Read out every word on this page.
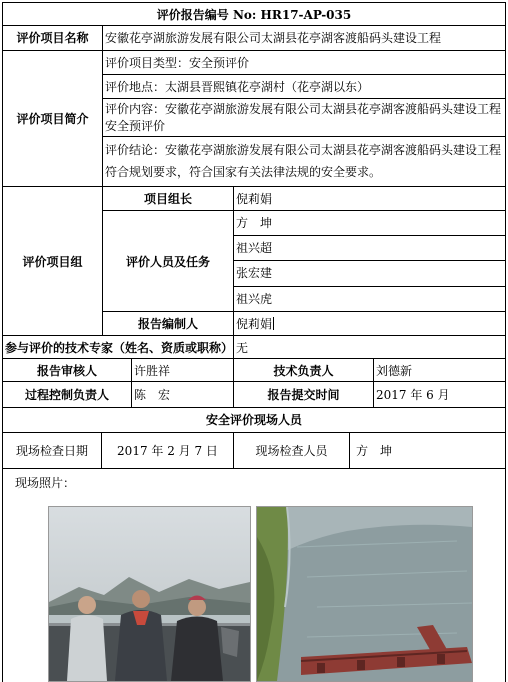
评价报告编号 No: HR17-AP-035
评价项目名称	安徽花亭湖旅游发展有限公司太湖县花亭湖客渡船码头建设工程
评价项目简介
评价项目类型：安全预评价
评价地点：太湖县晋熙镇花亭湖村（花亭湖以东）
评价内容：安徽花亭湖旅游发展有限公司太湖县花亭湖客渡船码头建设工程安全预评价
评价结论：安徽花亭湖旅游发展有限公司太湖县花亭湖客渡船码头建设工程符合规划要求，符合国家有关法律法规的安全要求。
评价项目组
项目组长	倪莉娟
评价人员及任务
方　坤
祖兴超
张宏建
祖兴虎
报告编制人	倪莉娟
参与评价的技术专家（姓名、资质或职称） 无
报告审核人	许胜祥	技术负责人	刘德新
过程控制负责人	陈　宏	报告提交时间	2017 年 6 月
安全评价现场人员
现场检查日期	2017 年 2 月 7 日	现场检查人员	方　坤
现场照片：
